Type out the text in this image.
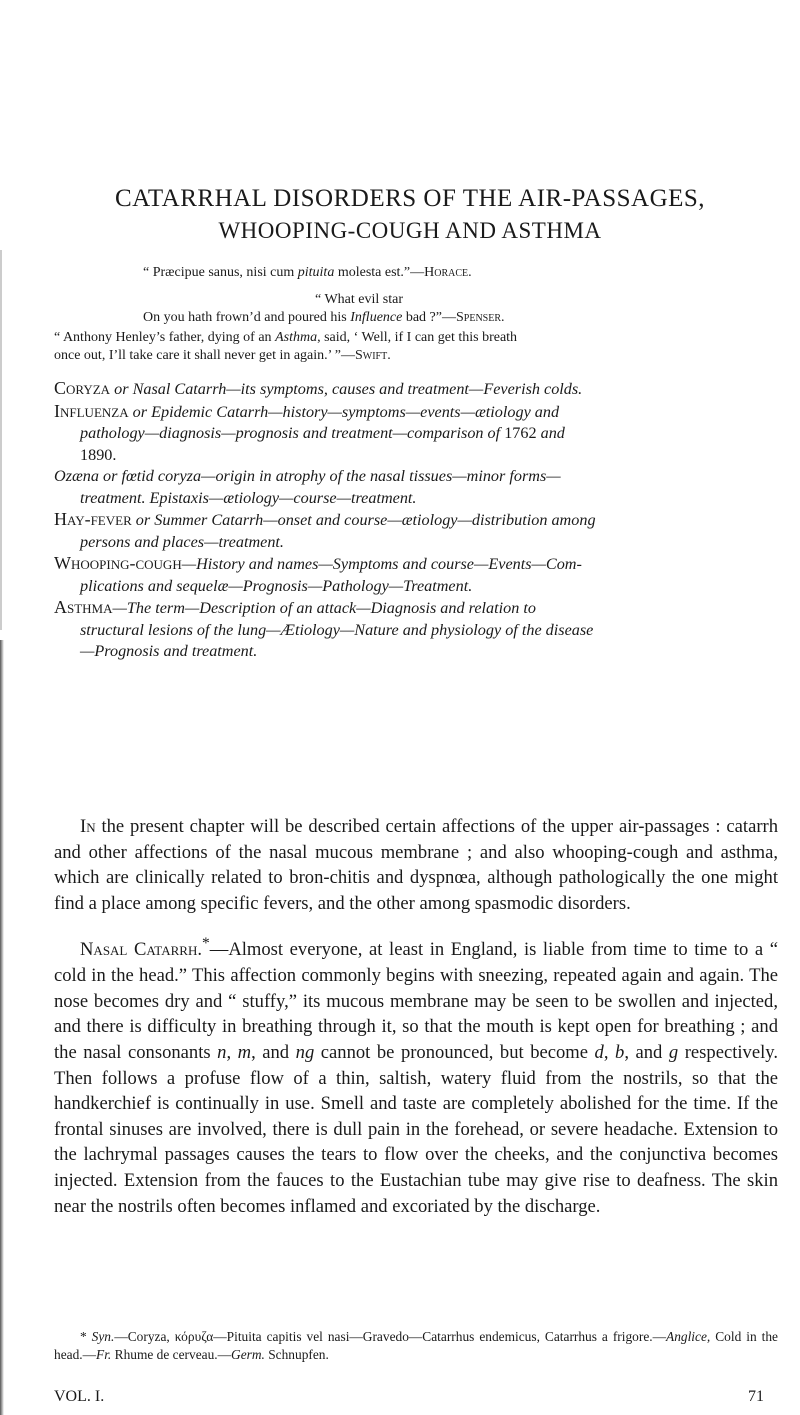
CATARRHAL DISORDERS OF THE AIR-PASSAGES,
WHOOPING-COUGH AND ASTHMA
“ Præcipue sanus, nisi cum pituita molesta est.”—Horace.
“ What evil star
On you hath frown’d and poured his Influence bad ?”—Spenser.
“ Anthony Henley’s father, dying of an Asthma, said, ‘ Well, if I can get this breath
once out, I’ll take care it shall never get in again.’ ”—Swift.
Coryza or Nasal Catarrh—its symptoms, causes and treatment—Feverish colds.
Influenza or Epidemic Catarrh—history—symptoms—events—ætiology and
pathology—diagnosis—prognosis and treatment—comparison of 1762 and
1890.
Ozæna or fœtid coryza—origin in atrophy of the nasal tissues—minor forms—
treatment. Epistaxis—ætiology—course—treatment.
Hay-fever or Summer Catarrh—onset and course—ætiology—distribution among
persons and places—treatment.
Whooping-cough—History and names—Symptoms and course—Events—Com-
plications and sequelæ—Prognosis—Pathology—Treatment.
Asthma—The term—Description of an attack—Diagnosis and relation to
structural lesions of the lung—Ætiology—Nature and physiology of the disease
—Prognosis and treatment.

In the present chapter will be described certain affections of the upper air-passages : catarrh and other affections of the nasal mucous membrane ; and also whooping-cough and asthma, which are clinically related to bron-chitis and dyspnœa, although pathologically the one might find a place among specific fevers, and the other among spasmodic disorders.

Nasal Catarrh.*—Almost everyone, at least in England, is liable from time to time to a “ cold in the head.” This affection commonly begins with sneezing, repeated again and again. The nose becomes dry and “ stuffy,” its mucous membrane may be seen to be swollen and injected, and there is difficulty in breathing through it, so that the mouth is kept open for breathing ; and the nasal consonants n, m, and ng cannot be pronounced, but become d, b, and g respectively. Then follows a profuse flow of a thin, saltish, watery fluid from the nostrils, so that the handkerchief is continually in use. Smell and taste are completely abolished for the time. If the frontal sinuses are involved, there is dull pain in the forehead, or severe headache. Extension to the lachrymal passages causes the tears to flow over the cheeks, and the conjunctiva becomes injected. Extension from the fauces to the Eustachian tube may give rise to deafness. The skin near the nostrils often becomes inflamed and excoriated by the discharge.

* Syn.—Coryza, κόρυζα—Pituita capitis vel nasi—Gravedo—Catarrhus endemicus, Catarrhus a frigore.—Anglice, Cold in the head.—Fr. Rhume de cerveau.—Germ. Schnupfen.
VOL. I.	71
